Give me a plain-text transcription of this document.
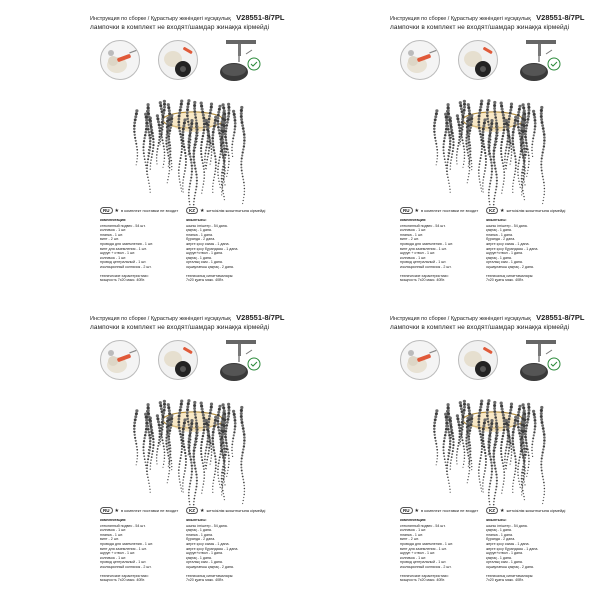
Инструкция по сборке / Құрастыру жөніндегі нұсқаулық V28551-8/7PL
лампочки в комплект не входят/шамдар жинаққа кірмейді
RU ★ в комплект поставки не входит	KZ ★ жеткізілім жиынтығына кірмейді
комплектация:
стеклянный подвес - 54 шт.
колпачок - 1 шт.
планка - 1 шт.
винт - 2 шт.
провода для заземления - 1 шт.
винт для заземления - 1 шт.
шуруп + ствол - 1 шт.
колпачок - 1 шт.
провод центральный - 1 шт.
изоляционный колпачок - 2 шт.
технические характеристики:
мощность 7х20 макс. 40Вт.
жиынтығы:
шыны ілгіштер - 54 дана.
қақпақ - 1 дана.
планка - 1 дана.
бұранда - 2 дана.
жерге қосу сымы - 1 дана.
жерге қосу бұрандасы - 1 дана.
шуруп+ствол - 1 дана.
қақпақ - 1 дана.
орталық сым - 1 дана.
оқшаулағыш қақпақ - 2 дана.
техникалық сипаттамалары:
7х20 қуаты макс. 40Вт.
Инструкция по сборке / Құрастыру жөніндегі нұсқаулық V28551-8/7PL
лампочки в комплект не входят/шамдар жинаққа кірмейді
RU ★ в комплект поставки не входит	KZ ★ жеткізілім жиынтығына кірмейді
комплектация:
стеклянный подвес - 54 шт.
колпачок - 1 шт.
планка - 1 шт.
винт - 2 шт.
провода для заземления - 1 шт.
винт для заземления - 1 шт.
шуруп + ствол - 1 шт.
колпачок - 1 шт.
провод центральный - 1 шт.
изоляционный колпачок - 2 шт.
технические характеристики:
мощность 7х20 макс. 40Вт.
жиынтығы:
шыны ілгіштер - 54 дана.
қақпақ - 1 дана.
планка - 1 дана.
бұранда - 2 дана.
жерге қосу сымы - 1 дана.
жерге қосу бұрандасы - 1 дана.
шуруп+ствол - 1 дана.
қақпақ - 1 дана.
орталық сым - 1 дана.
оқшаулағыш қақпақ - 2 дана.
техникалық сипаттамалары:
7х20 қуаты макс. 40Вт.
Инструкция по сборке / Құрастыру жөніндегі нұсқаулық V28551-8/7PL
лампочки в комплект не входят/шамдар жинаққа кірмейді
RU ★ в комплект поставки не входит	KZ ★ жеткізілім жиынтығына кірмейді
комплектация:
стеклянный подвес - 54 шт.
колпачок - 1 шт.
планка - 1 шт.
винт - 2 шт.
провода для заземления - 1 шт.
винт для заземления - 1 шт.
шуруп + ствол - 1 шт.
колпачок - 1 шт.
провод центральный - 1 шт.
изоляционный колпачок - 2 шт.
технические характеристики:
мощность 7х20 макс. 40Вт.
жиынтығы:
шыны ілгіштер - 54 дана.
қақпақ - 1 дана.
планка - 1 дана.
бұранда - 2 дана.
жерге қосу сымы - 1 дана.
жерге қосу бұрандасы - 1 дана.
шуруп+ствол - 1 дана.
қақпақ - 1 дана.
орталық сым - 1 дана.
оқшаулағыш қақпақ - 2 дана.
техникалық сипаттамалары:
7х20 қуаты макс. 40Вт.
Инструкция по сборке / Құрастыру жөніндегі нұсқаулық V28551-8/7PL
лампочки в комплект не входят/шамдар жинаққа кірмейді
RU ★ в комплект поставки не входит	KZ ★ жеткізілім жиынтығына кірмейді
комплектация:
стеклянный подвес - 54 шт.
колпачок - 1 шт.
планка - 1 шт.
винт - 2 шт.
провода для заземления - 1 шт.
винт для заземления - 1 шт.
шуруп + ствол - 1 шт.
колпачок - 1 шт.
провод центральный - 1 шт.
изоляционный колпачок - 2 шт.
технические характеристики:
мощность 7х20 макс. 40Вт.
жиынтығы:
шыны ілгіштер - 54 дана.
қақпақ - 1 дана.
планка - 1 дана.
бұранда - 2 дана.
жерге қосу сымы - 1 дана.
жерге қосу бұрандасы - 1 дана.
шуруп+ствол - 1 дана.
қақпақ - 1 дана.
орталық сым - 1 дана.
оқшаулағыш қақпақ - 2 дана.
техникалық сипаттамалары:
7х20 қуаты макс. 40Вт.
